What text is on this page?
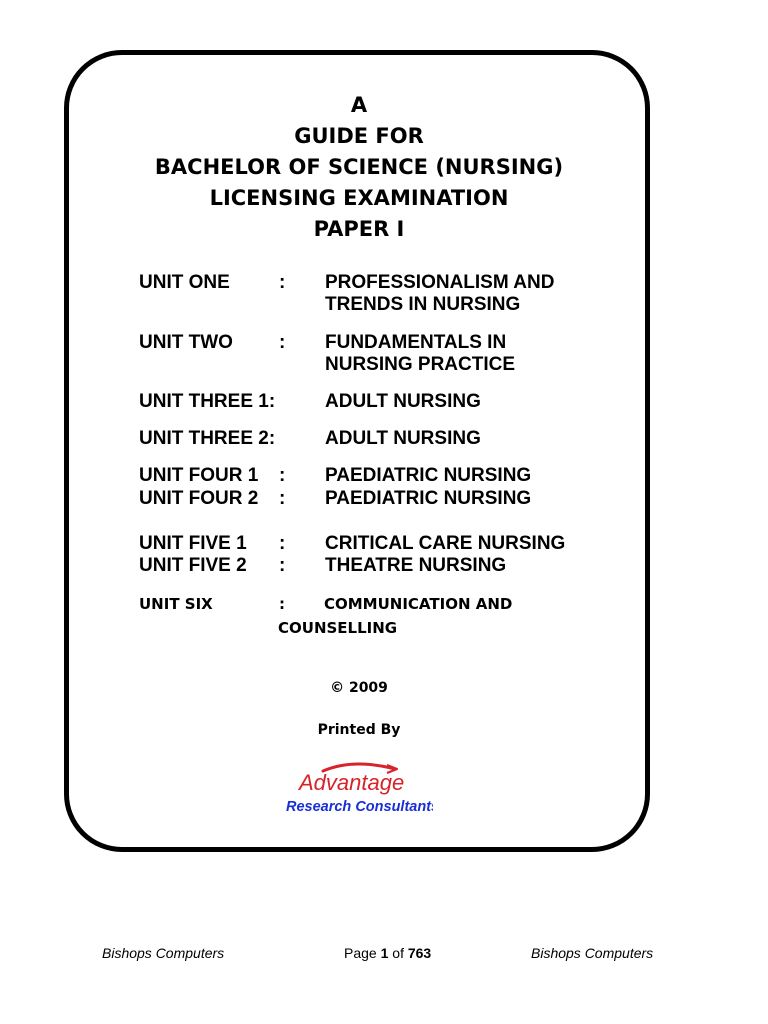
A
GUIDE FOR
BACHELOR OF SCIENCE (NURSING)
LICENSING EXAMINATION
PAPER I
UNIT ONE	: PROFESSIONALISM AND
TRENDS IN NURSING
UNIT TWO : FUNDAMENTALS IN
NURSING PRACTICE
UNIT THREE 1:	ADULT NURSING
UNIT THREE 2:	ADULT NURSING
UNIT FOUR 1 : PAEDIATRIC NURSING
UNIT FOUR 2 : PAEDIATRIC NURSING
UNIT FIVE 1 : CRITICAL CARE NURSING
UNIT FIVE 2 : THEATRE NURSING
UNIT SIX	:	COMMUNICATION AND
COUNSELLING
© 2009
Printed By
Advantage
Research Consultants
Bishops Computers	Page 1 of 763	Bishops Computers
